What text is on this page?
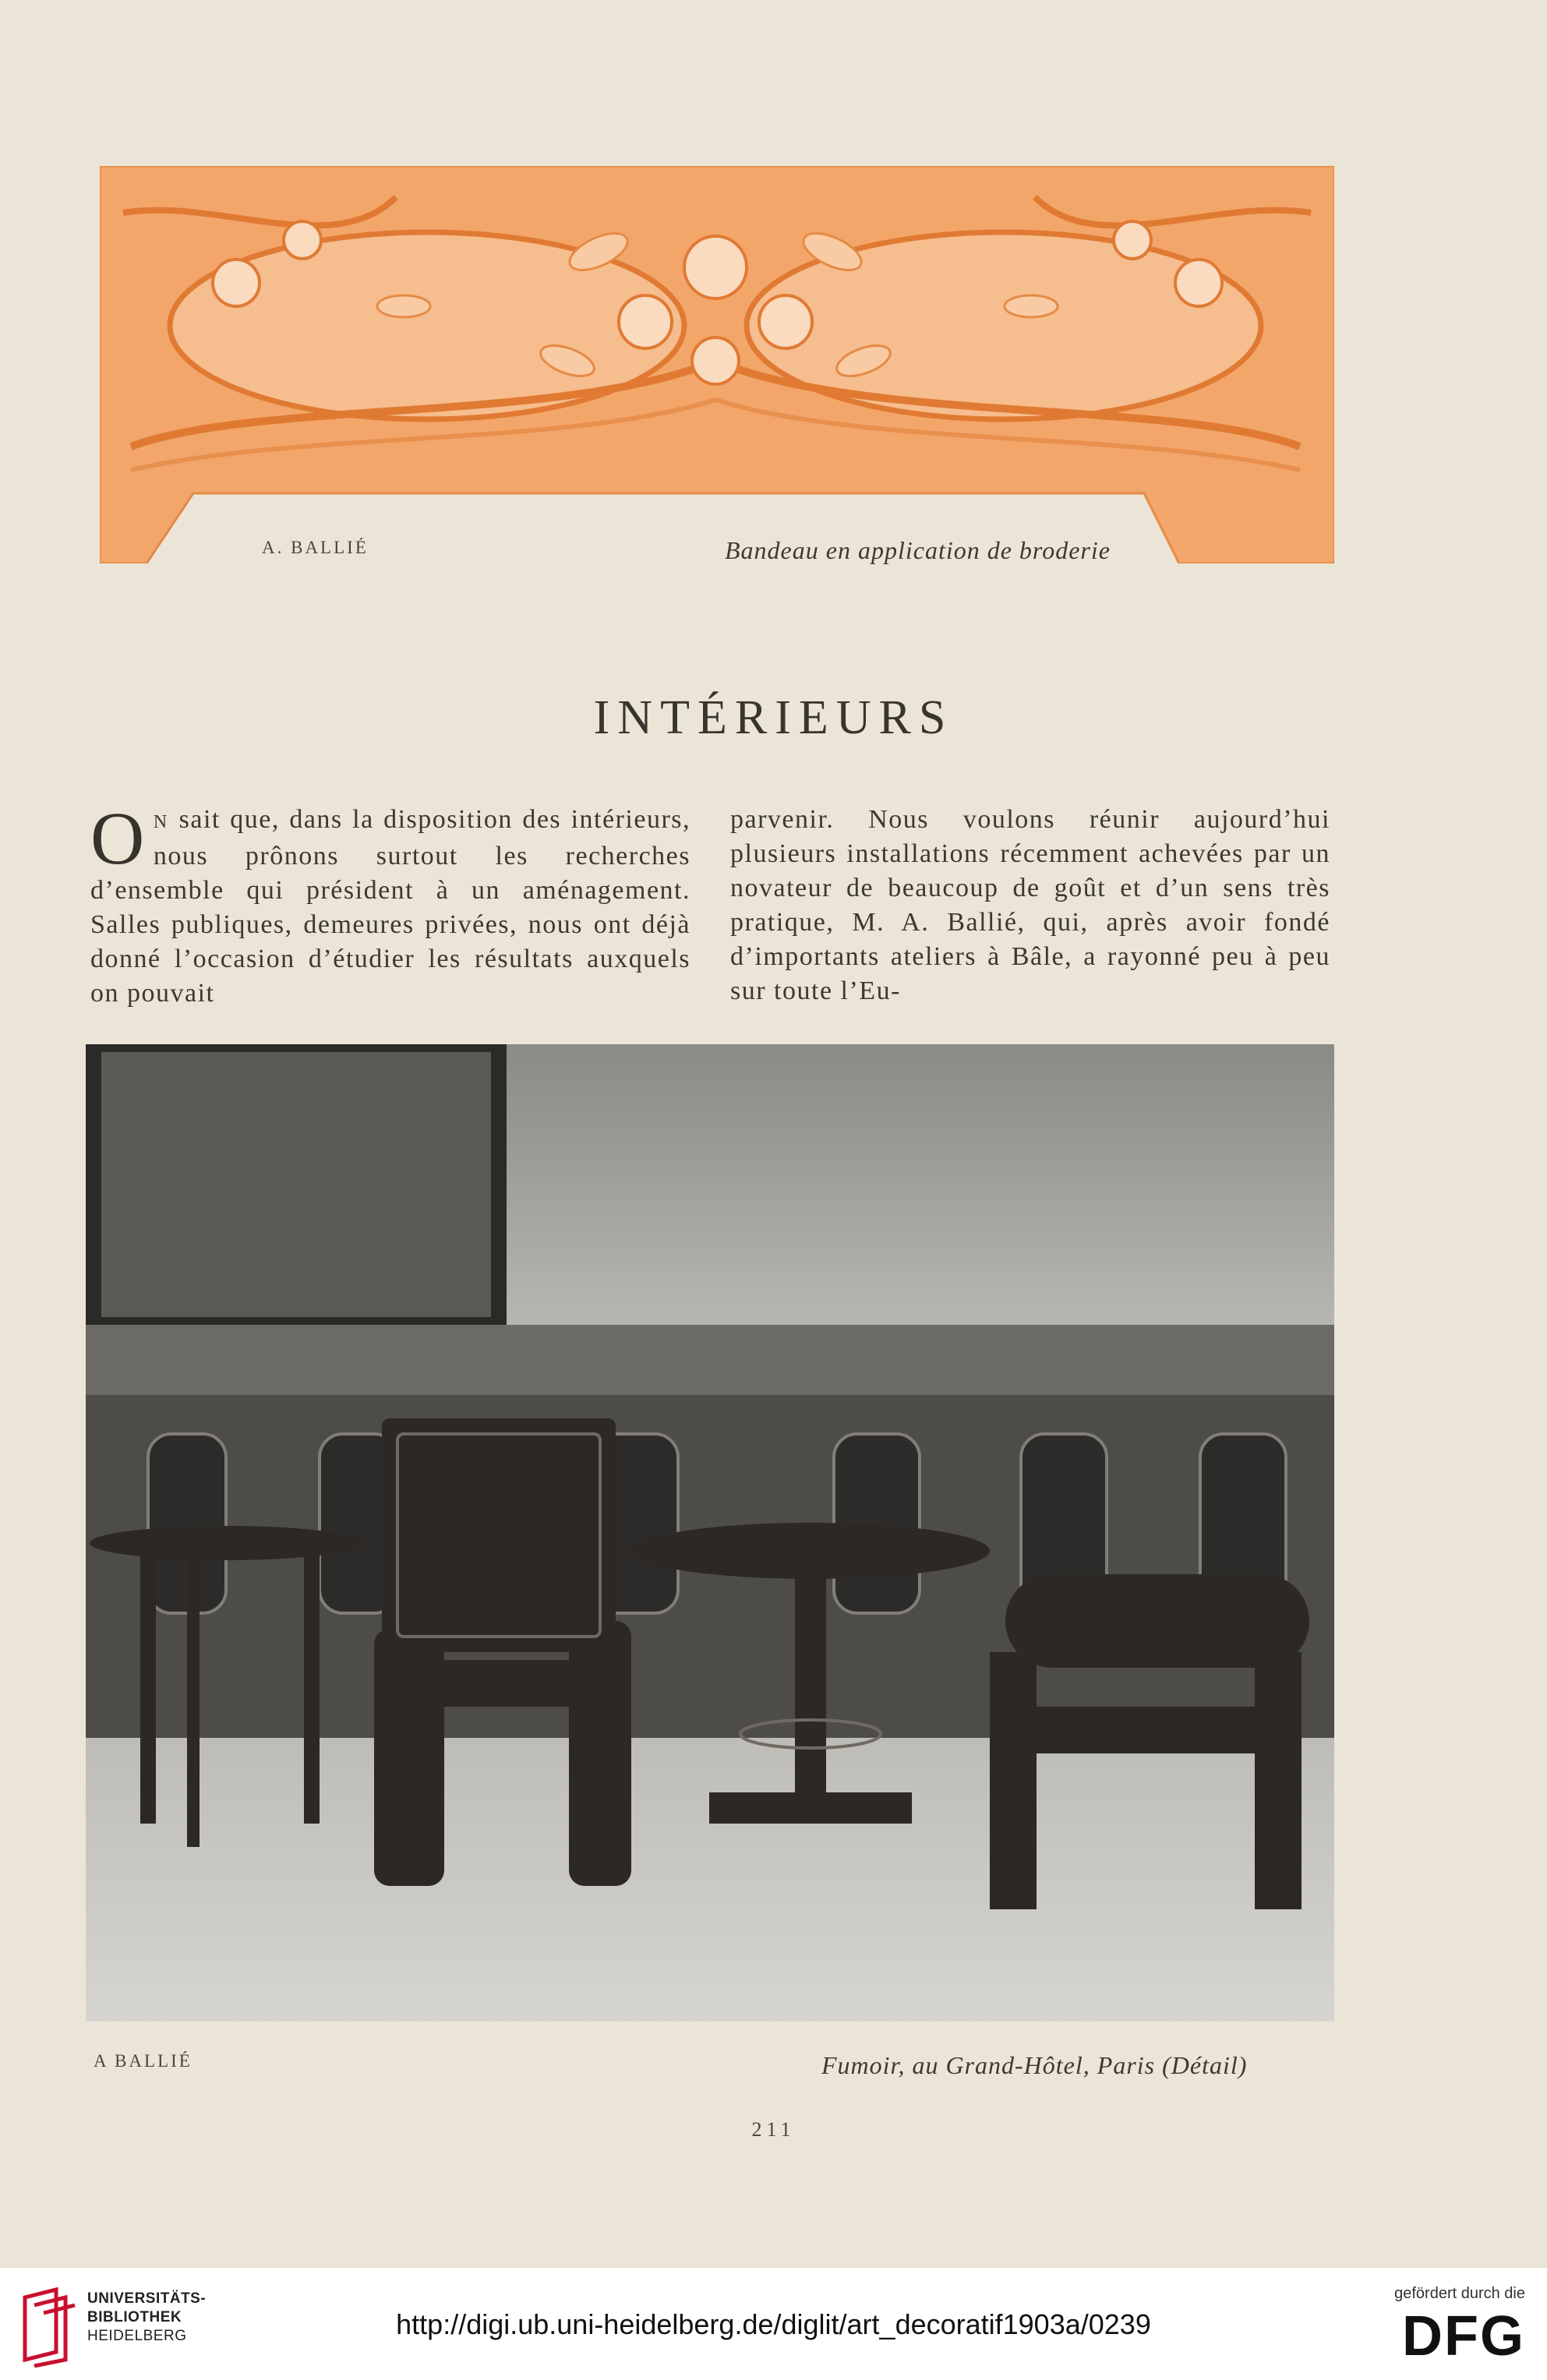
A. BALLIÉ	Bandeau en application de broderie
INTÉRIEURS

O N sait que, dans la disposition des intérieurs, nous prônons surtout les recherches d’ensemble qui président à un aménagement. Salles publiques, demeures privées, nous ont déjà donné l’occasion d’étudier les résultats auxquels on pouvait

parvenir. Nous voulons réunir aujourd’hui plusieurs installations récemment achevées par un novateur de beaucoup de goût et d’un sens très pratique, M. A. Ballié, qui, après avoir fondé d’importants ateliers à Bâle, a rayonné peu à peu sur toute l’Eu-

A BALLIÉ	Fumoir, au Grand-Hôtel, Paris (Détail)
211
UNIVERSITÄTS-
BIBLIOTHEK
HEIDELBERG	http://digi.ub.uni-heidelberg.de/diglit/art_decoratif1903a/0239
gefördert durch die
DFG
